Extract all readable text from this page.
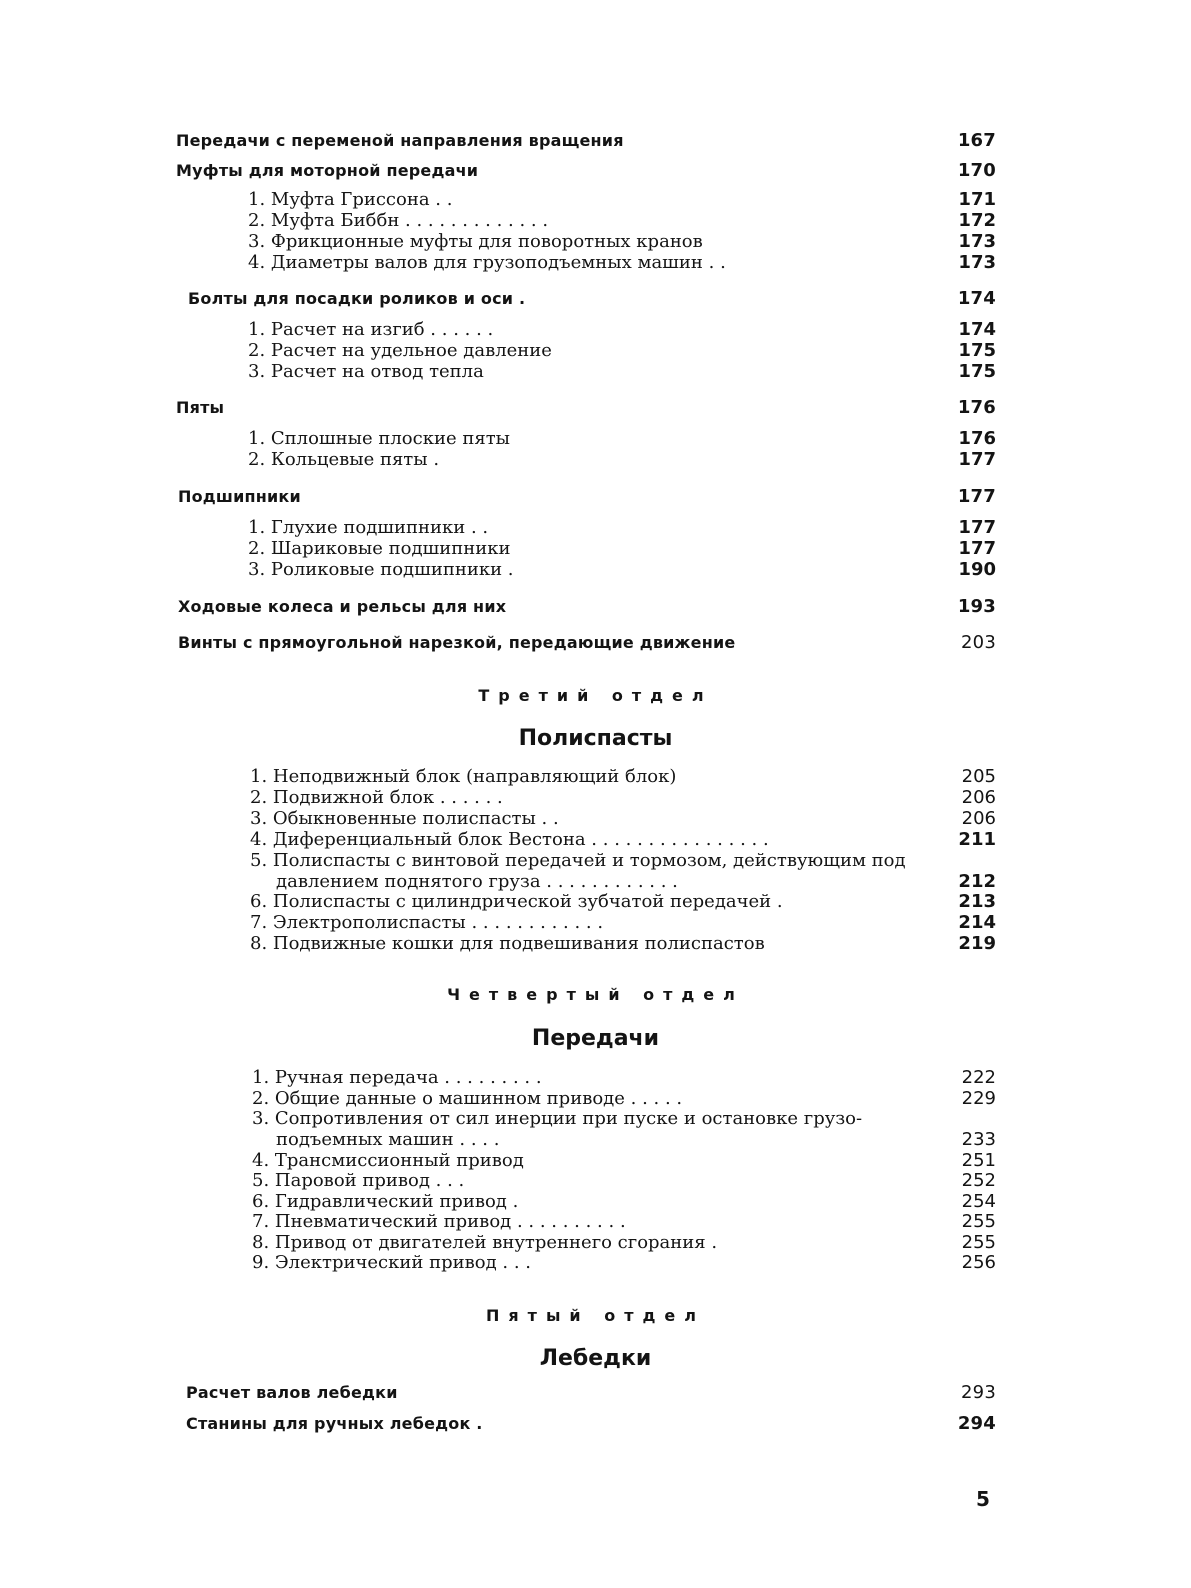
Передачи с переменой направления вращения	167
Муфты для моторной передачи	170
1. Муфта Гриссона . .	171
2. Муфта Биббн . . . . . . . . . . . . .	172
3. Фрикционные муфты для поворотных кранов	173
4. Диаметры валов для грузоподъемных машин . .	173
Болты для посадки роликов и оси .	174
1. Расчет на изгиб . . . . . .	174
2. Расчет на удельное давление	175
3. Расчет на отвод тепла	175
Пяты	176
1. Сплошные плоские пяты	176
2. Кольцевые пяты .	177
Подшипники	177
1. Глухие подшипники . .	177
2. Шариковые подшипники	177
3. Роликовые подшипники .	190
Ходовые колеса и рельсы для них	193
Винты с прямоугольной нарезкой, передающие движение	203
Третий отдел
Полиспасты
1. Неподвижный блок (направляющий блок)	205
2. Подвижной блок . . . . . .	206
3. Обыкновенные полиспасты . .	206
4. Диференциальный блок Вестона . . . . . . . . . . . . . . . .	211
5. Полиспасты с винтовой передачей и тормозом, действующим под
давлением поднятого груза . . . . . . . . . . . .	212
6. Полиспасты с цилиндрической зубчатой передачей .	213
7. Электрополиспасты . . . . . . . . . . . .	214
8. Подвижные кошки для подвешивания полиспастов	219
Четвертый отдел
Передачи
1. Ручная передача . . . . . . . . .	222
2. Общие данные о машинном приводе . . . . .	229
3. Сопротивления от сил инерции при пуске и остановке грузо-
подъемных машин . . . .	233
4. Трансмиссионный привод	251
5. Паровой привод . . .	252
6. Гидравлический привод .	254
7. Пневматический привод . . . . . . . . . .	255
8. Привод от двигателей внутреннего сгорания .	255
9. Электрический привод . . .	256
Пятый отдел
Лебедки
Расчет валов лебедки	293
Станины для ручных лебедок .	294
5
